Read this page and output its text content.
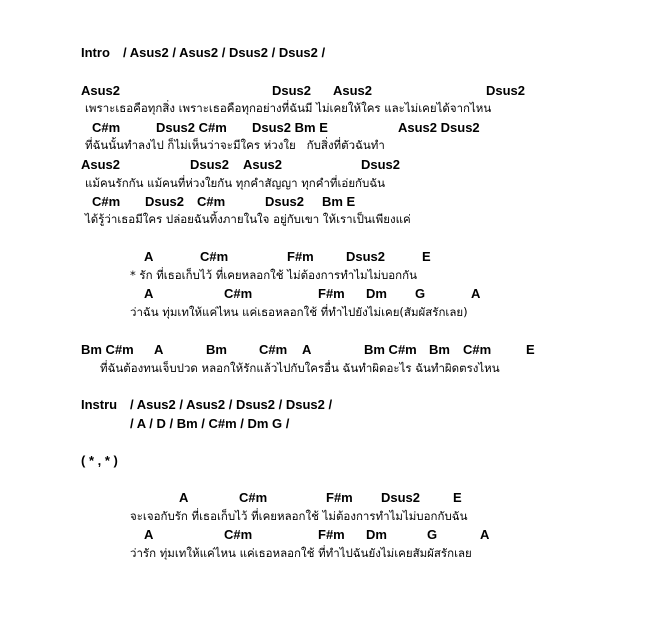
Intro / Asus2 / Asus2 / Dsus2 / Dsus2 /
Asus2	Dsus2 Asus2	Dsus2
เพราะเธอคือทุกสิ่ง เพราะเธอคือทุกอย่างที่ฉันมี ไม่เคยให้ใคร และไม่เคยได้จากไหน
C#m	Dsus2 C#m Dsus2 Bm E	Asus2 Dsus2
ที่ฉันนั้นทำลงไป ก็ไม่เห็นว่าจะมีใคร ห่วงใย   กับสิ่งที่ตัวฉันทำ
Asus2	Dsus2 Asus2	Dsus2
แม้คนรักกัน แม้คนที่ห่วงใยกัน ทุกคำสัญญา ทุกคำที่เอ่ยกับฉัน
C#m Dsus2 C#m	Dsus2 Bm E
ได้รู้ว่าเธอมีใคร ปล่อยฉันทิ้งภายในใจ อยู่กับเขา ให้เราเป็นเพียงแค่
A	C#m	F#m Dsus2	E
* รัก ที่เธอเก็บไว้ ที่เคยหลอกใช้ ไม่ต้องการทำไมไม่บอกกัน
A	C#m	F#m Dm G	A
ว่าฉัน ทุ่มเทให้แค่ไหน แค่เธอหลอกใช้ ที่ทำไปยังไม่เคย(สัมผัสรักเลย)
Bm C#m A	Bm C#m A	Bm C#m Bm C#m	E
ที่ฉันต้องทนเจ็บปวด หลอกให้รักแล้วไปกับใครอื่น ฉันทำผิดอะไร ฉันทำผิดตรงไหน
Instru / Asus2 / Asus2 / Dsus2 / Dsus2 /
/ A / D / Bm / C#m / Dm G /
( * , * )
A	C#m	F#m Dsus2	E
จะเจอกับรัก ที่เธอเก็บไว้ ที่เคยหลอกใช้ ไม่ต้องการทำไมไม่บอกกับฉัน
A	C#m	F#m Dm	G	A
ว่ารัก ทุ่มเทให้แค่ไหน แค่เธอหลอกใช้ ที่ทำไปฉันยังไม่เคยสัมผัสรักเลย
